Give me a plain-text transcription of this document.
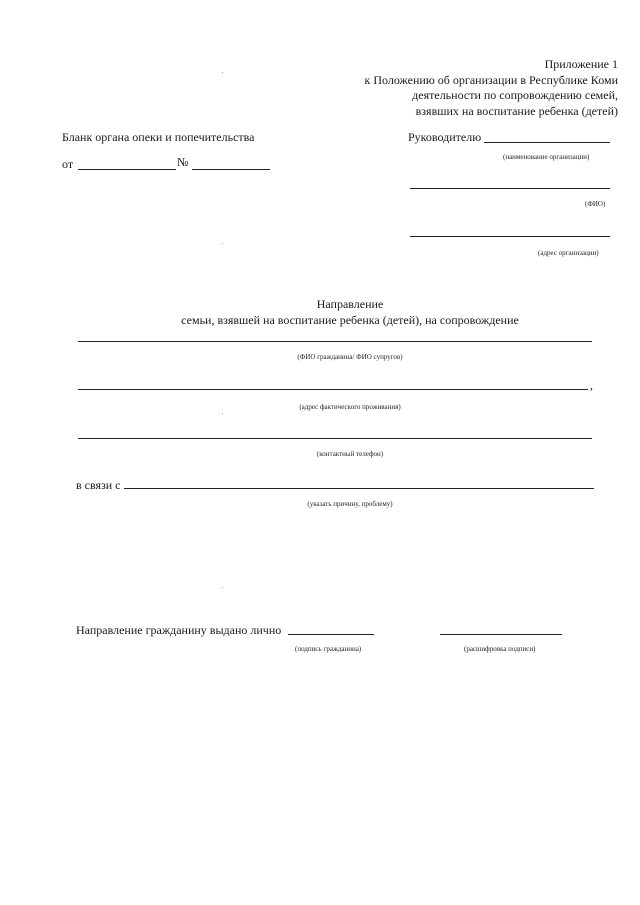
Приложение 1
к Положению об организации в Республике Коми
деятельности по сопровождению семей,
взявших на воспитание ребенка (детей)
Бланк органа опеки и попечительства
от	№
Руководителю
(наименование организации)
(ФИО)
(адрес организации)
Направление
семьи, взявшей на воспитание ребенка (детей), на сопровождение
(ФИО гражданина/ ФИО супругов)
,
(адрес фактического проживания)
(контактный телефон)
в связи с
(указать причину, проблему)
Направление гражданину выдано лично
(подпись гражданина)	(расшифровка подписи)
